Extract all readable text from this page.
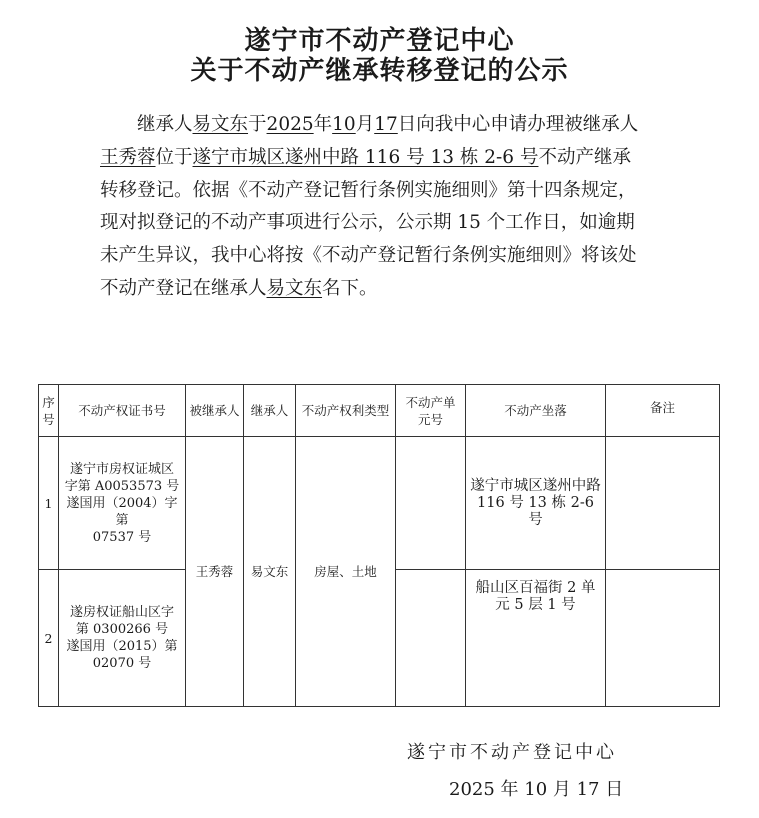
遂宁市不动产登记中心
关于不动产继承转移登记的公示

继承人易文东于2025年10月17日向我中心申请办理被继承人王秀蓉位于遂宁市城区遂州中路 116 号 13 栋 2-6 号不动产继承转移登记。依据《不动产登记暂行条例实施细则》第十四条规定，现对拟登记的不动产事项进行公示，公示期 15 个工作日，如逾期未产生异议，我中心将按《不动产登记暂行条例实施细则》将该处不动产登记在继承人易文东名下。

序号	不动产权证书号	被继承人	继承人	不动产权利类型	不动产单元号	不动产坐落	备注
1	遂宁市房权证城区
字第 A0053573 号
遂国用（2004）字第
07537 号	王秀蓉	易文东	房屋、土地		遂宁市城区遂州中路 116 号 13 栋 2-6 号	
2	遂房权证船山区字
第 0300266 号
遂国用（2015）第
02070 号					船山区百福街 2 单元 5 层 1 号	

遂宁市不动产登记中心

2025 年 10 月 17 日
